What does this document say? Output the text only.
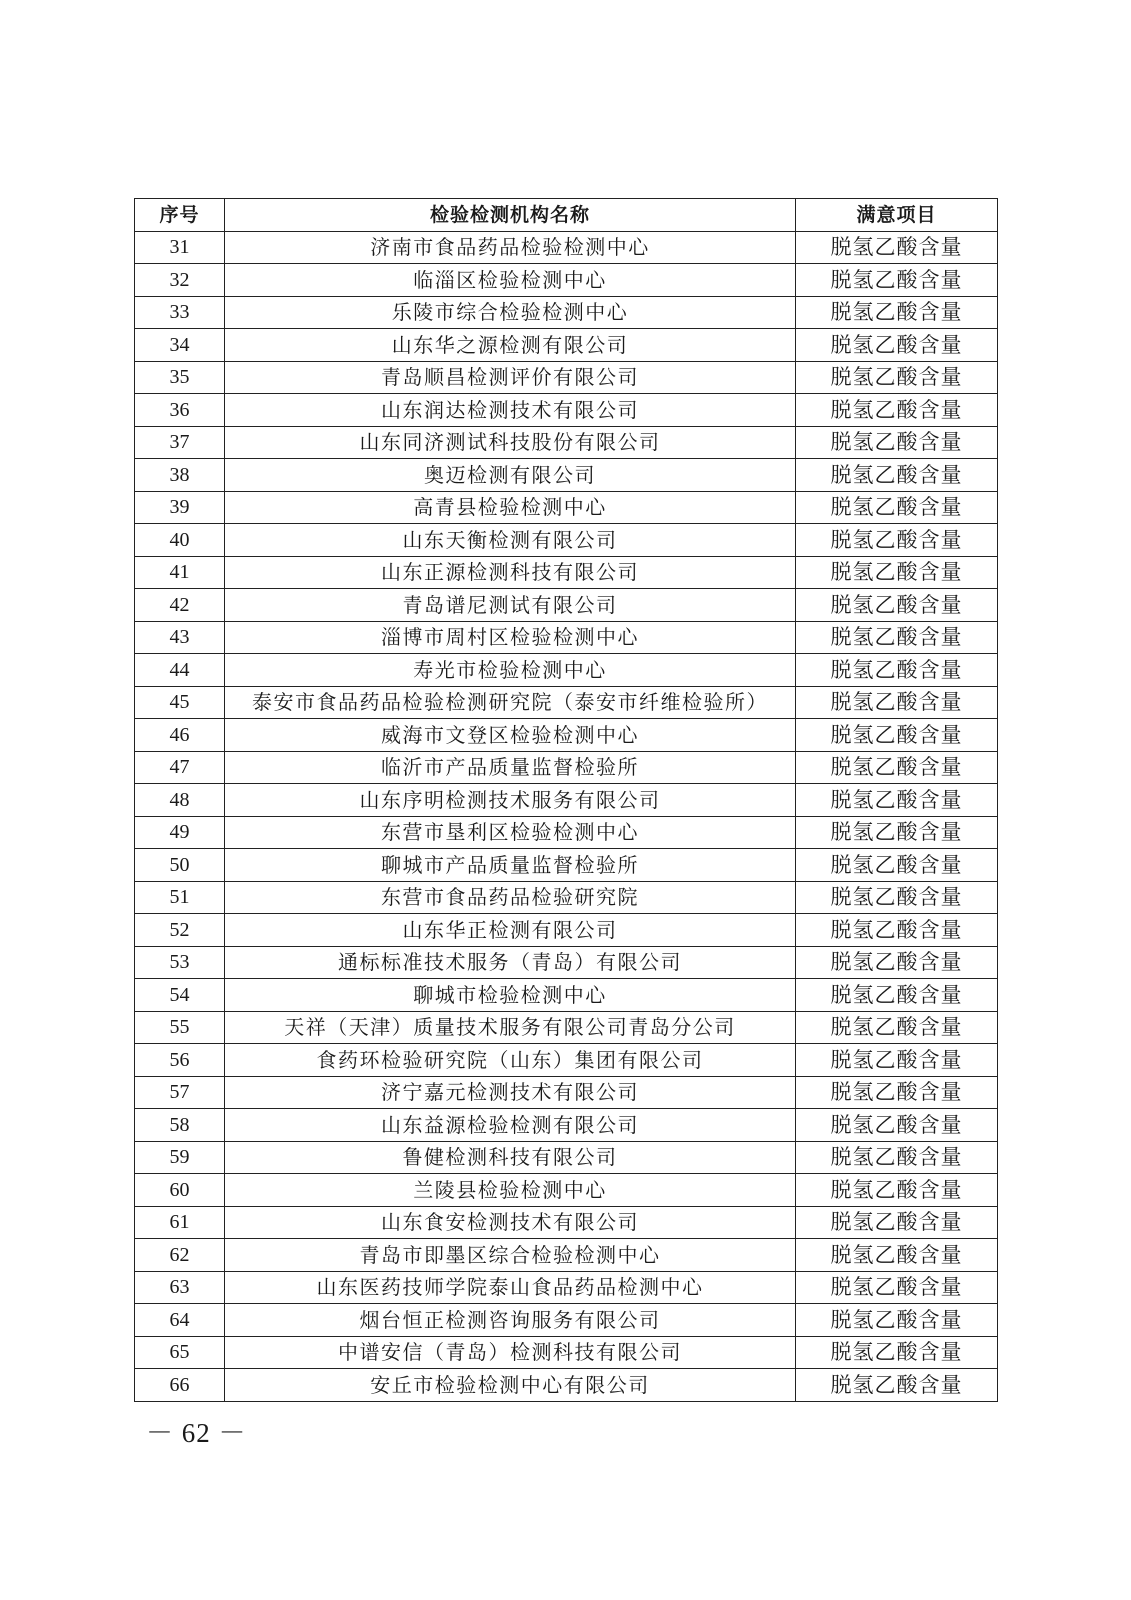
序号	检验检测机构名称	满意项目
31	济南市食品药品检验检测中心	脱氢乙酸含量
32	临淄区检验检测中心	脱氢乙酸含量
33	乐陵市综合检验检测中心	脱氢乙酸含量
34	山东华之源检测有限公司	脱氢乙酸含量
35	青岛顺昌检测评价有限公司	脱氢乙酸含量
36	山东润达检测技术有限公司	脱氢乙酸含量
37	山东同济测试科技股份有限公司	脱氢乙酸含量
38	奥迈检测有限公司	脱氢乙酸含量
39	高青县检验检测中心	脱氢乙酸含量
40	山东天衡检测有限公司	脱氢乙酸含量
41	山东正源检测科技有限公司	脱氢乙酸含量
42	青岛谱尼测试有限公司	脱氢乙酸含量
43	淄博市周村区检验检测中心	脱氢乙酸含量
44	寿光市检验检测中心	脱氢乙酸含量
45	泰安市食品药品检验检测研究院（泰安市纤维检验所）	脱氢乙酸含量
46	威海市文登区检验检测中心	脱氢乙酸含量
47	临沂市产品质量监督检验所	脱氢乙酸含量
48	山东序明检测技术服务有限公司	脱氢乙酸含量
49	东营市垦利区检验检测中心	脱氢乙酸含量
50	聊城市产品质量监督检验所	脱氢乙酸含量
51	东营市食品药品检验研究院	脱氢乙酸含量
52	山东华正检测有限公司	脱氢乙酸含量
53	通标标准技术服务（青岛）有限公司	脱氢乙酸含量
54	聊城市检验检测中心	脱氢乙酸含量
55	天祥（天津）质量技术服务有限公司青岛分公司	脱氢乙酸含量
56	食药环检验研究院（山东）集团有限公司	脱氢乙酸含量
57	济宁嘉元检测技术有限公司	脱氢乙酸含量
58	山东益源检验检测有限公司	脱氢乙酸含量
59	鲁健检测科技有限公司	脱氢乙酸含量
60	兰陵县检验检测中心	脱氢乙酸含量
61	山东食安检测技术有限公司	脱氢乙酸含量
62	青岛市即墨区综合检验检测中心	脱氢乙酸含量
63	山东医药技师学院泰山食品药品检测中心	脱氢乙酸含量
64	烟台恒正检测咨询服务有限公司	脱氢乙酸含量
65	中谱安信（青岛）检测科技有限公司	脱氢乙酸含量
66	安丘市检验检测中心有限公司	脱氢乙酸含量
－ 62 －
